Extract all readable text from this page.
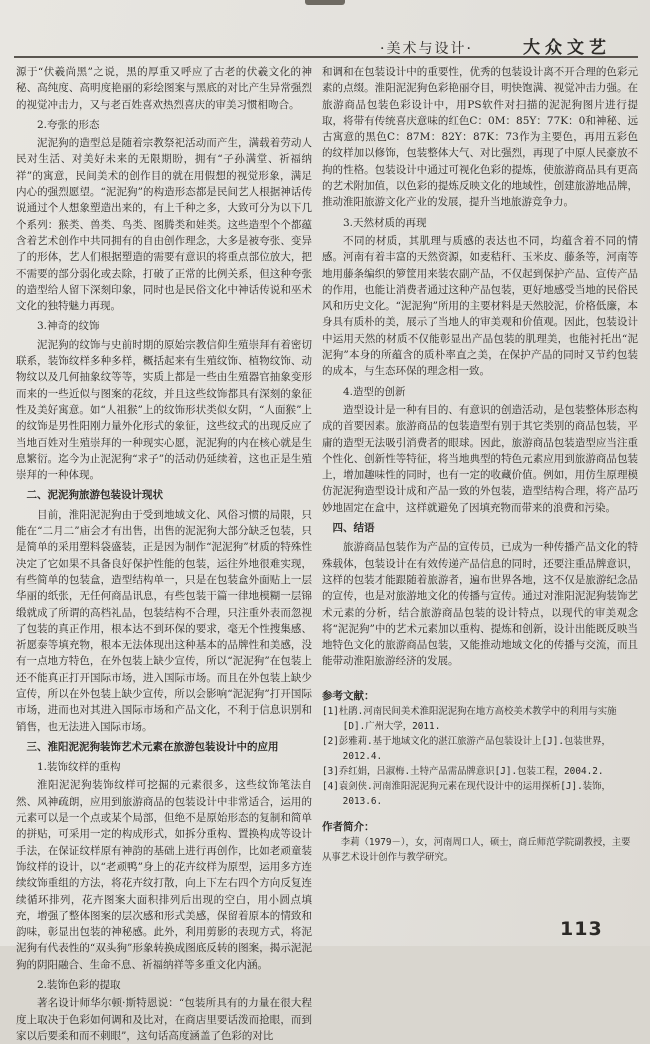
·美术与设计·	大众文艺

源于“伏羲尚黑”之说，黑的厚重又呼应了古老的伏羲文化的神秘、高纯度、高明度艳丽的彩绘图案与黑底的对比产生异常强烈的视觉冲击力，又与老百姓喜欢热烈喜庆的审美习惯相吻合。

2.夸张的形态

泥泥狗的造型总是随着宗教祭祀活动而产生，满载着劳动人民对生活、对美好未来的无限期盼，拥有“子孙满堂、祈福纳祥”的寓意，民间美术的创作目的就在用假想的视觉形象，满足内心的强烈愿望。“泥泥狗”的构造形态都是民间艺人根据神话传说通过个人想象塑造出来的，有上千种之多，大致可分为以下几个系列：猴类、兽类、鸟类、图腾类和娃类。这些造型个个都蕴含着艺术创作中共同拥有的自由创作理念，大多是被夸张、变异了的形体，艺人们根据塑造的需要有意识的将重点部位放大，把不需要的部分弱化或去除，打破了正常的比例关系，但这种夸张的造型给人留下深刻印象，同时也是民俗文化中神话传说和巫术文化的独特魅力再现。

3.神奇的纹饰

泥泥狗的纹饰与史前时期的原始宗教信仰生殖崇拜有着密切联系，装饰纹样多种多样，概括起来有生殖纹饰、植物纹饰、动物纹以及几何抽象纹等等，实质上都是一些由生殖器官抽象变形而来的一些近似与图案的花纹，并且这些纹饰都具有深刻的象征性及美好寓意。如“人祖猴”上的纹饰形状类似女阴，“人面猴”上的纹饰是男性阳刚力量外化形式的象征，这些纹式的出现反应了当地百姓对生殖崇拜的一种现实心愿，泥泥狗的内在核心就是生息繁衍。迄今为止泥泥狗“求子”的活动仍延续着，这也正是生殖崇拜的一种体现。

二、泥泥狗旅游包装设计现状

目前，淮阳泥泥狗由于受到地域文化、风俗习惯的局限，只能在“二月二”庙会才有出售，出售的泥泥狗大部分缺乏包装，只是简单的采用塑料袋盛装，正是因为制作“泥泥狗”材质的特殊性决定了它如果不具备良好保护性能的包装，运往外地很难实现，有些简单的包装盒，造型结构单一，只是在包装盒外面贴上一层华丽的纸张，无任何商品讯息，有些包装干篇一律地模糊一层锦缎就成了所谓的高档礼品，包装结构不合理，只注重外表而忽视了包装的真正作用，根本达不到环保的要求，毫无个性搜集感、祈愿泰等填充物，根本无法体现出这种基本的品牌性和美感，没有一点地方特色，在外包装上缺少宣传，所以“泥泥狗”在包装上还不能真正打开国际市场，进入国际市场。而且在外包装上缺少宣传，所以在外包装上缺少宣传，所以会影响“泥泥狗”打开国际市场，进而也对其进入国际市场和产品文化，不利于信息识别和销售，也无法进入国际市场。

三、淮阳泥泥狗装饰艺术元素在旅游包装设计中的应用
1.装饰纹样的重构

淮阳泥泥狗装饰纹样可挖掘的元素很多，这些纹饰笔法自然、风神疏朗，应用到旅游商品的包装设计中非常适合，运用的元素可以是一个点或某个局部，但绝不是原始形态的复制和简单的拼贴，可采用一定的构成形式，如拆分重构、置换构成等设计手法，在保证纹样原有神韵的基础上进行再创作，比如老顽童装饰纹样的设计，以“老顽鸭”身上的花卉纹样为原型，运用多方连续纹饰重组的方法，将花卉纹打散，向上下左右四个方向反复连续循环排列，花卉图案大面积排列后出现的空白，用小圆点填充，增强了整体图案的层次感和形式美感，保留着原本的情致和韵味，彰显出包装的神秘感。此外，利用剪影的表现方式，将泥泥狗有代表性的“双头狗”形象转换成图底反转的图案，揭示泥泥狗的阴阳融合、生命不息、祈福纳祥等多重文化内涵。

2.装饰色彩的提取

著名设计师华尔顿·斯特恩说：“包装所具有的力量在很大程度上取决于色彩如何调和及比对，在商店里要话泼而抢眼，而到家以后要柔和而不刺眼”，这句话高度涵盖了色彩的对比

和调和在包装设计中的重要性，优秀的包装设计离不开合理的色彩元素的点缀。淮阳泥泥狗色彩艳丽夺目，明快饱满、视觉冲击力强。在旅游商品包装色彩设计中，用PS软件对扫描的泥泥狗图片进行提取，将带有传统喜庆意味的红色C：0M：85Y：77K：0和神秘、远古寓意的黑色C：87M：82Y：87K：73作为主要色，再用五彩色的纹样加以修饰，包装整体大气、对比强烈，再现了中原人民豪放不拘的性格。包装设计中通过可视化色彩的提炼，使旅游商品具有更高的艺术附加值，以色彩的提炼反映文化的地域性，创建旅游地品牌，推动淮阳旅游文化产业的发展，提升当地旅游竞争力。

3.天然材质的再现

不同的材质，其肌理与质感的表达也不同，均蕴含着不同的情感。河南有着丰富的天然资源，如麦秸秆、玉米皮、藤条等，河南等地用藤条编织的箩筐用来装农副产品，不仅起到保护产品、宣传产品的作用，也能让消费者通过这种产品包装，更好地感受当地的民俗民风和历史文化。“泥泥狗”所用的主要材料是天然胶泥，价格低廉，本身具有质朴的美，展示了当地人的审美观和价值观。因此，包装设计中运用天然的材质不仅能彰显出产品包装的肌理美，也能衬托出“泥泥狗”本身的所蕴含的质朴率直之美，在保护产品的同时又节约包装的成本，与生态环保的理念相一致。

4.造型的创新

造型设计是一种有目的、有意识的创造活动，是包装整体形态构成的首要因素。旅游商品的包装造型有别于其它类别的商品包装，平庸的造型无法吸引消费者的眼球。因此，旅游商品包装造型应当注重个性化、创新性等特征，将当地典型的特色元素应用到旅游商品包装上，增加趣味性的同时，也有一定的收藏价值。例如，用仿生原理模仿泥泥狗造型设计成和产品一致的外包装，造型结构合理，将产品巧妙地固定在盒中，这样就避免了因填充物而带来的浪费和污染。

四、结语

旅游商品包装作为产品的宣传员，已成为一种传播产品文化的特殊载体，包装设计在有效传递产品信息的同时，还要注重品牌意识，这样的包装才能跟随着旅游者，遍布世界各地，这不仅是旅游纪念品的宣传，也是对旅游地文化的传播与宣传。通过对淮阳泥泥狗装饰艺术元素的分析，结合旅游商品包装的设计特点，以现代的审美观念将“泥泥狗”中的艺术元素加以重构、提炼和创新，设计出能既反映当地特色文化的旅游商品包装，又能推动地域文化的传播与交流，而且能带动淮阳旅游经济的发展。

参考文献：
[1]杜鹃.河南民间美术淮阳泥泥狗在地方高校美术教学中的利用与实施[D].广州大学，2011.
[2]彭雅莉.基于地域文化的湛江旅游产品包装设计上[J].包装世界，2012.4.
[3]乔红娟，吕淑梅.土特产品需品牌意识[J].包装工程，2004.2.
[4]袁剑侠.河南淮阳泥泥狗元素在现代设计中的运用探析[J].装饰，2013.6.
作者简介：
李莉（1979－），女，河南周口人，硕士，商丘师范学院副教授，主要从事艺术设计创作与教学研究。
113
